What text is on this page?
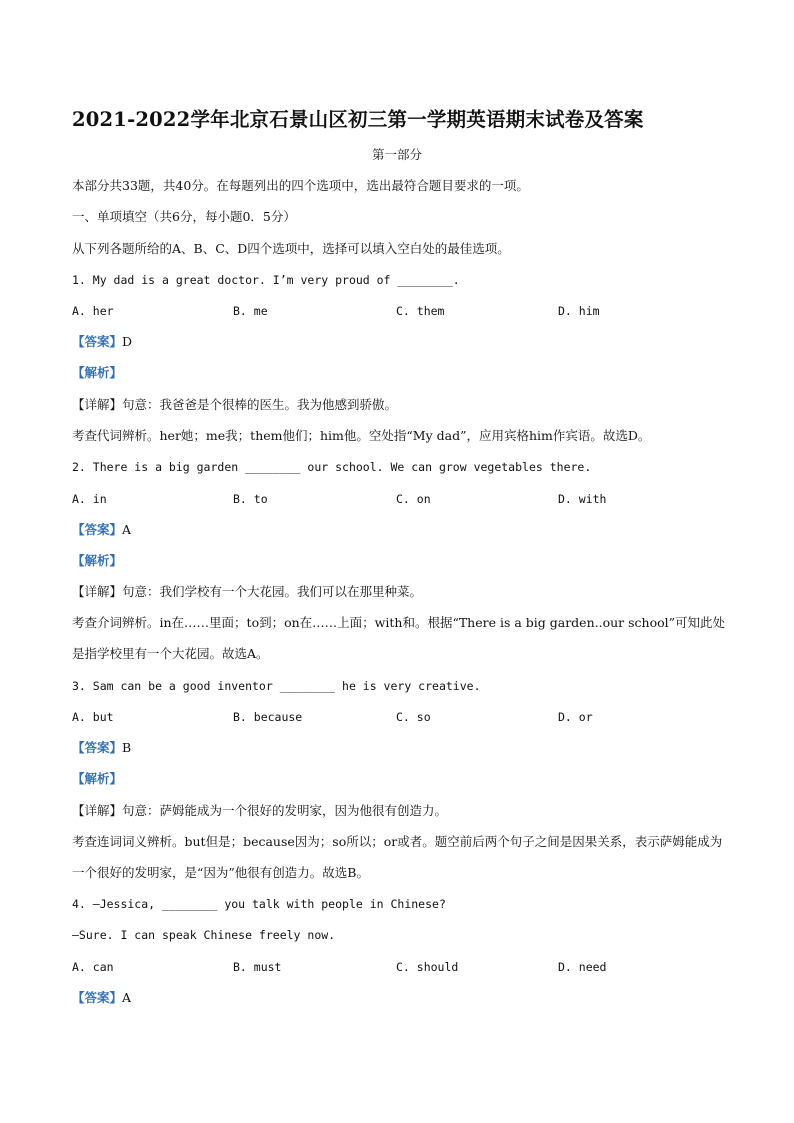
2021-2022学年北京石景山区初三第一学期英语期末试卷及答案
第一部分
本部分共33题，共40分。在每题列出的四个选项中，选出最符合题目要求的一项。
一、单项填空（共6分，每小题0．5分）
从下列各题所给的A、B、C、D四个选项中，选择可以填入空白处的最佳选项。
1. My dad is a great doctor. I’m very proud of ________.
A. her	B. me	C. them	D. him
【答案】D
【解析】
【详解】句意：我爸爸是个很棒的医生。我为他感到骄傲。
考查代词辨析。her她；me我；them他们；him他。空处指“My dad”，应用宾格him作宾语。故选D。
2. There is a big garden ________ our school. We can grow vegetables there.
A. in	B. to	C. on	D. with
【答案】A
【解析】
【详解】句意：我们学校有一个大花园。我们可以在那里种菜。
考查介词辨析。in在……里面；to到；on在……上面；with和。根据“There is a big garden..our school”可知此处是指学校里有一个大花园。故选A。
3. Sam can be a good inventor ________ he is very creative.
A. but	B. because	C. so	D. or
【答案】B
【解析】
【详解】句意：萨姆能成为一个很好的发明家，因为他很有创造力。
考查连词词义辨析。but但是；because因为；so所以；or或者。题空前后两个句子之间是因果关系，表示萨姆能成为一个很好的发明家，是“因为”他很有创造力。故选B。
4. —Jessica, ________ you talk with people in Chinese?
—Sure. I can speak Chinese freely now.
A. can	B. must	C. should	D. need
【答案】A
